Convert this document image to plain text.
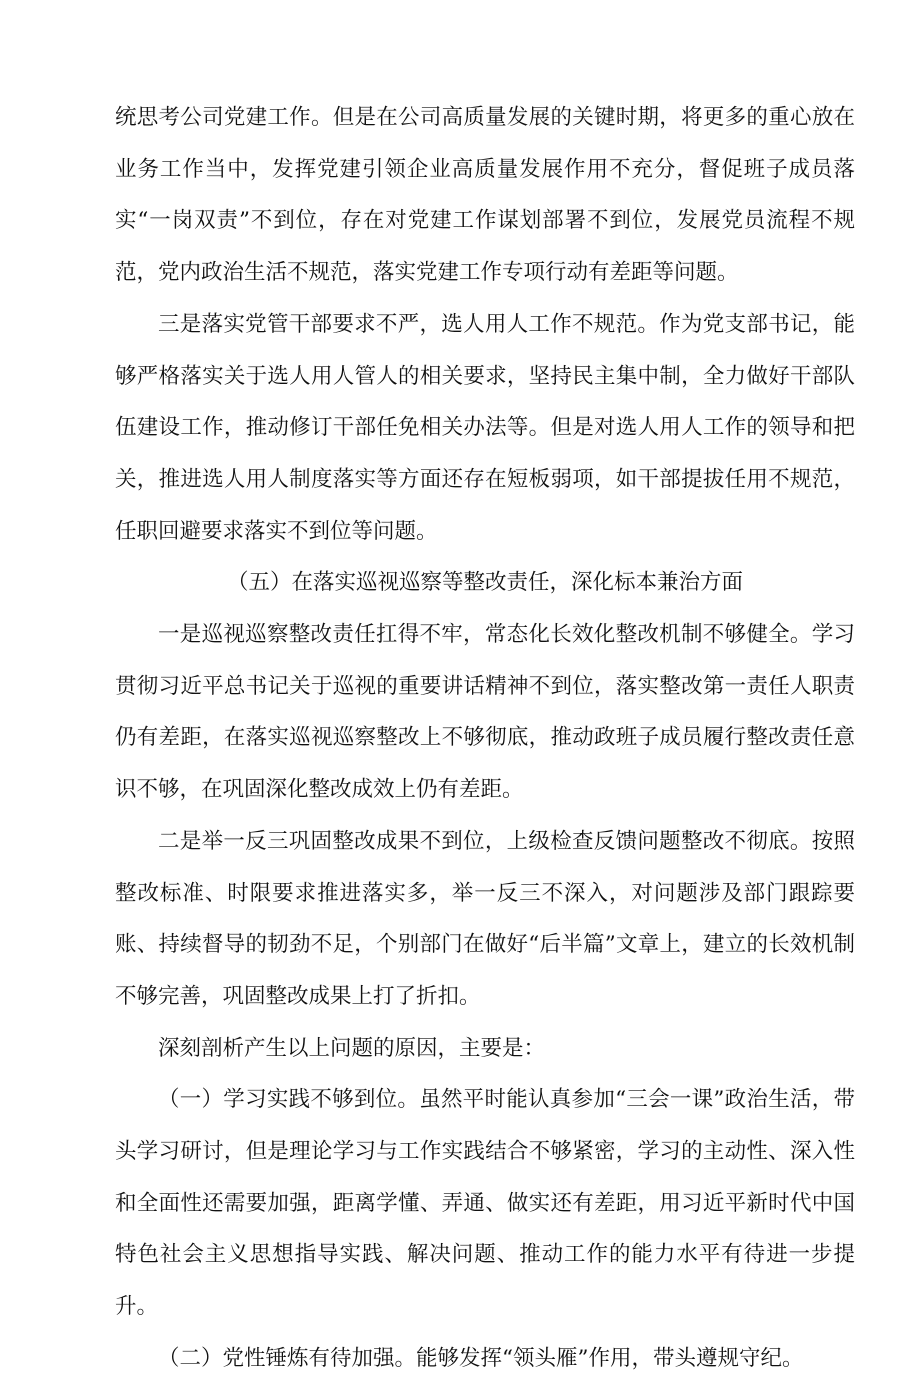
统思考公司党建工作。但是在公司高质量发展的关键时期，将更多的重心放在业务工作当中，发挥党建引领企业高质量发展作用不充分，督促班子成员落实“一岗双责”不到位，存在对党建工作谋划部署不到位，发展党员流程不规范，党内政治生活不规范，落实党建工作专项行动有差距等问题。

三是落实党管干部要求不严，选人用人工作不规范。作为党支部书记，能够严格落实关于选人用人管人的相关要求，坚持民主集中制，全力做好干部队伍建设工作，推动修订干部任免相关办法等。但是对选人用人工作的领导和把关，推进选人用人制度落实等方面还存在短板弱项，如干部提拔任用不规范，任职回避要求落实不到位等问题。

（五）在落实巡视巡察等整改责任，深化标本兼治方面

一是巡视巡察整改责任扛得不牢，常态化长效化整改机制不够健全。学习贯彻习近平总书记关于巡视的重要讲话精神不到位，落实整改第一责任人职责仍有差距，在落实巡视巡察整改上不够彻底，推动政班子成员履行整改责任意识不够，在巩固深化整改成效上仍有差距。

二是举一反三巩固整改成果不到位，上级检查反馈问题整改不彻底。按照整改标准、时限要求推进落实多，举一反三不深入，对问题涉及部门跟踪要账、持续督导的韧劲不足，个别部门在做好“后半篇”文章上，建立的长效机制不够完善，巩固整改成果上打了折扣。

深刻剖析产生以上问题的原因，主要是：

（一）学习实践不够到位。虽然平时能认真参加“三会一课”政治生活，带头学习研讨，但是理论学习与工作实践结合不够紧密，学习的主动性、深入性和全面性还需要加强，距离学懂、弄通、做实还有差距，用习近平新时代中国特色社会主义思想指导实践、解决问题、推动工作的能力水平有待进一步提升。

（二）党性锤炼有待加强。能够发挥“领头雁”作用，带头遵规守纪。
